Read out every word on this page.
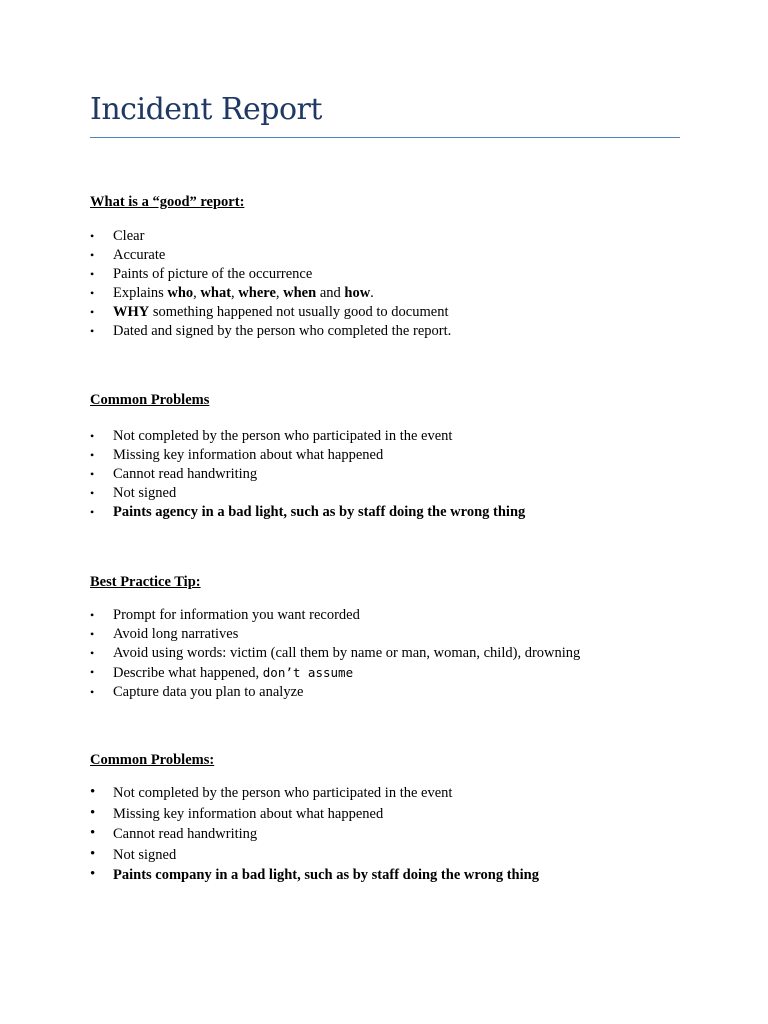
Incident Report

What is a “good” report:

• Clear
• Accurate
• Paints of picture of the occurrence
• Explains who, what, where, when and how.
• WHY something happened not usually good to document
• Dated and signed by the person who completed the report.

Common Problems

• Not completed by the person who participated in the event
• Missing key information about what happened
• Cannot read handwriting
• Not signed
• Paints agency in a bad light, such as by staff doing the wrong thing

Best Practice Tip:

• Prompt for information you want recorded
• Avoid long narratives
• Avoid using words: victim (call them by name or man, woman, child), drowning
• Describe what happened, don’t assume
• Capture data you plan to analyze

Common Problems:

• Not completed by the person who participated in the event
• Missing key information about what happened
• Cannot read handwriting
• Not signed
• Paints company in a bad light, such as by staff doing the wrong thing
